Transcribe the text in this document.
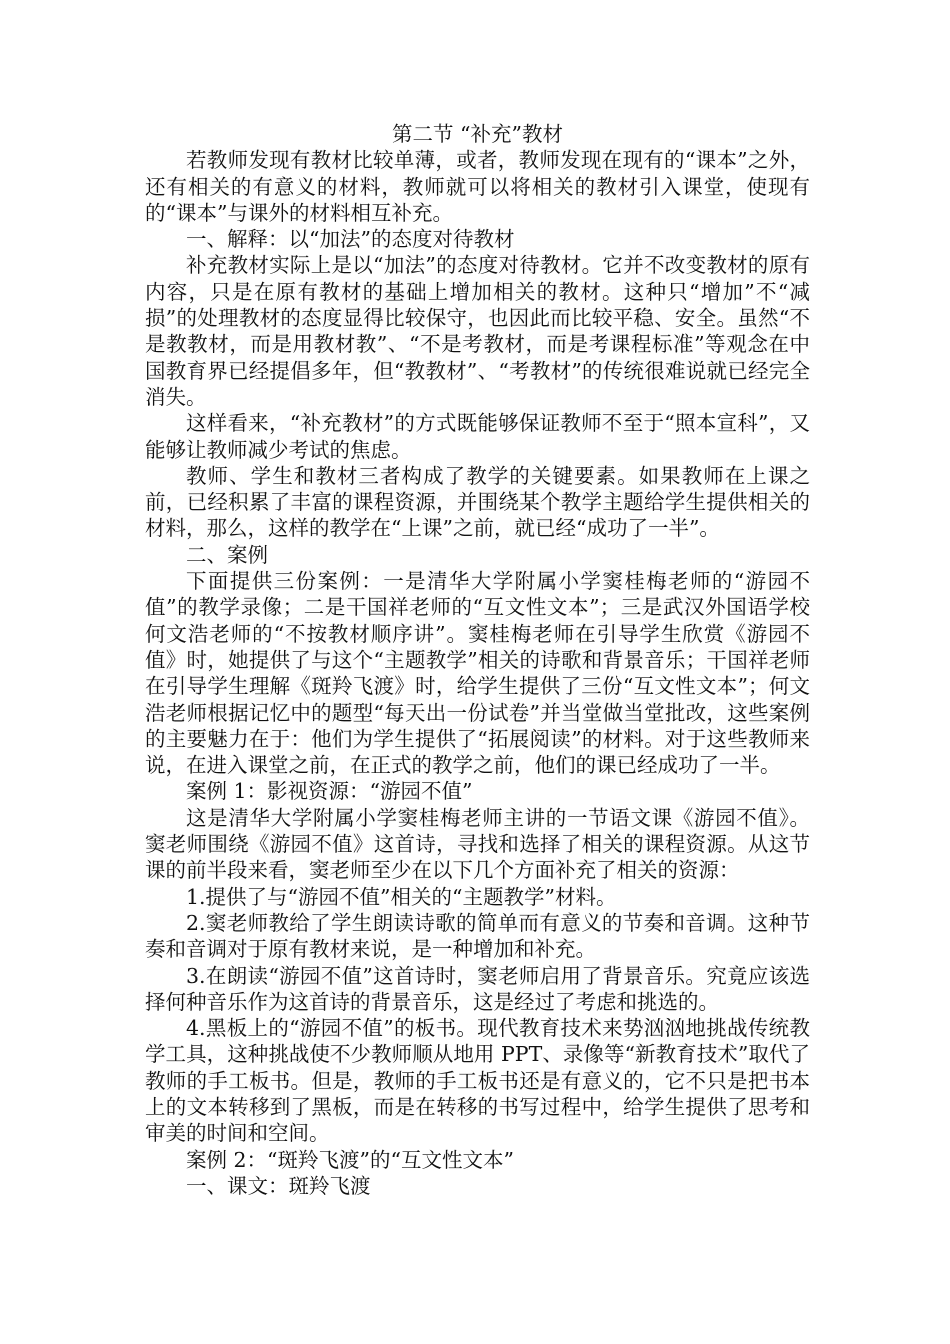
第二节 “补充”教材

若教师发现有教材比较单薄，或者，教师发现在现有的“课本”之外，还有相关的有意义的材料，教师就可以将相关的教材引入课堂，使现有的“课本”与课外的材料相互补充。

一、解释：以“加法”的态度对待教材

补充教材实际上是以“加法”的态度对待教材。它并不改变教材的原有内容，只是在原有教材的基础上增加相关的教材。这种只“增加”不“减损”的处理教材的态度显得比较保守，也因此而比较平稳、安全。虽然“不是教教材，而是用教材教”、“不是考教材，而是考课程标准”等观念在中国教育界已经提倡多年，但“教教材”、“考教材”的传统很难说就已经完全消失。

这样看来，“补充教材”的方式既能够保证教师不至于“照本宣科”，又能够让教师减少考试的焦虑。

教师、学生和教材三者构成了教学的关键要素。如果教师在上课之前，已经积累了丰富的课程资源，并围绕某个教学主题给学生提供相关的材料，那么，这样的教学在“上课”之前，就已经“成功了一半”。

二、案例

下面提供三份案例：一是清华大学附属小学窦桂梅老师的“游园不值”的教学录像；二是干国祥老师的“互文性文本”；三是武汉外国语学校何文浩老师的“不按教材顺序讲”。窦桂梅老师在引导学生欣赏《游园不值》时，她提供了与这个“主题教学”相关的诗歌和背景音乐；干国祥老师在引导学生理解《斑羚飞渡》时，给学生提供了三份“互文性文本”；何文浩老师根据记忆中的题型“每天出一份试卷”并当堂做当堂批改，这些案例的主要魅力在于：他们为学生提供了“拓展阅读”的材料。对于这些教师来说，在进入课堂之前，在正式的教学之前，他们的课已经成功了一半。

案例 1：影视资源：“游园不值”

这是清华大学附属小学窦桂梅老师主讲的一节语文课《游园不值》。窦老师围绕《游园不值》这首诗，寻找和选择了相关的课程资源。从这节课的前半段来看，窦老师至少在以下几个方面补充了相关的资源：

1.提供了与“游园不值”相关的“主题教学”材料。

2.窦老师教给了学生朗读诗歌的简单而有意义的节奏和音调。这种节奏和音调对于原有教材来说，是一种增加和补充。

3.在朗读“游园不值”这首诗时，窦老师启用了背景音乐。究竟应该选择何种音乐作为这首诗的背景音乐，这是经过了考虑和挑选的。

4.黑板上的“游园不值”的板书。现代教育技术来势汹汹地挑战传统教学工具，这种挑战使不少教师顺从地用 PPT、录像等“新教育技术”取代了教师的手工板书。但是，教师的手工板书还是有意义的，它不只是把书本上的文本转移到了黑板，而是在转移的书写过程中，给学生提供了思考和审美的时间和空间。

案例 2：“斑羚飞渡”的“互文性文本”

一、课文：斑羚飞渡
